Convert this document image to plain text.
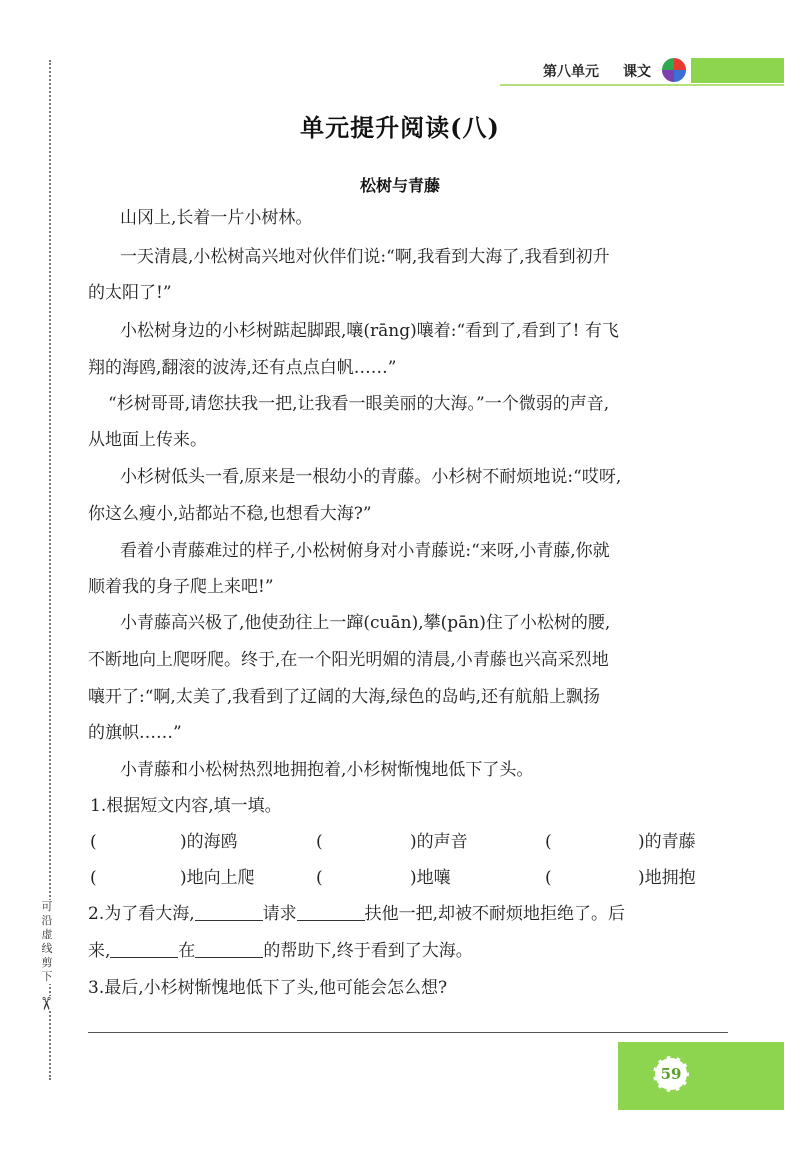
第八单元 课文
可沿虚线剪下
✂
单元提升阅读(八)
松树与青藤
山冈上,长着一片小树林。
一天清晨,小松树高兴地对伙伴们说:“啊,我看到大海了,我看到初升
的太阳了!”
小松树身边的小杉树踮起脚跟,嚷(rāng)嚷着:“看到了,看到了! 有飞
翔的海鸥,翻滚的波涛,还有点点白帆……”
“杉树哥哥,请您扶我一把,让我看一眼美丽的大海。”一个微弱的声音,
从地面上传来。
小杉树低头一看,原来是一根幼小的青藤。小杉树不耐烦地说:“哎呀,
你这么瘦小,站都站不稳,也想看大海?”
看着小青藤难过的样子,小松树俯身对小青藤说:“来呀,小青藤,你就
顺着我的身子爬上来吧!”
小青藤高兴极了,他使劲往上一蹿(cuān),攀(pān)住了小松树的腰,
不断地向上爬呀爬。终于,在一个阳光明媚的清晨,小青藤也兴高采烈地
嚷开了:“啊,太美了,我看到了辽阔的大海,绿色的岛屿,还有航船上飘扬
的旗帜……”
小青藤和小松树热烈地拥抱着,小杉树惭愧地低下了头。
1.根据短文内容,填一填。
(	)的海鸥	(	)的声音	(	)的青藤
(	)地向上爬	(	)地嚷	(	)地拥抱
2.为了看大海,	请求	扶他一把,却被不耐烦地拒绝了。后
来,	在	的帮助下,终于看到了大海。
3.最后,小杉树惭愧地低下了头,他可能会怎么想?
59
